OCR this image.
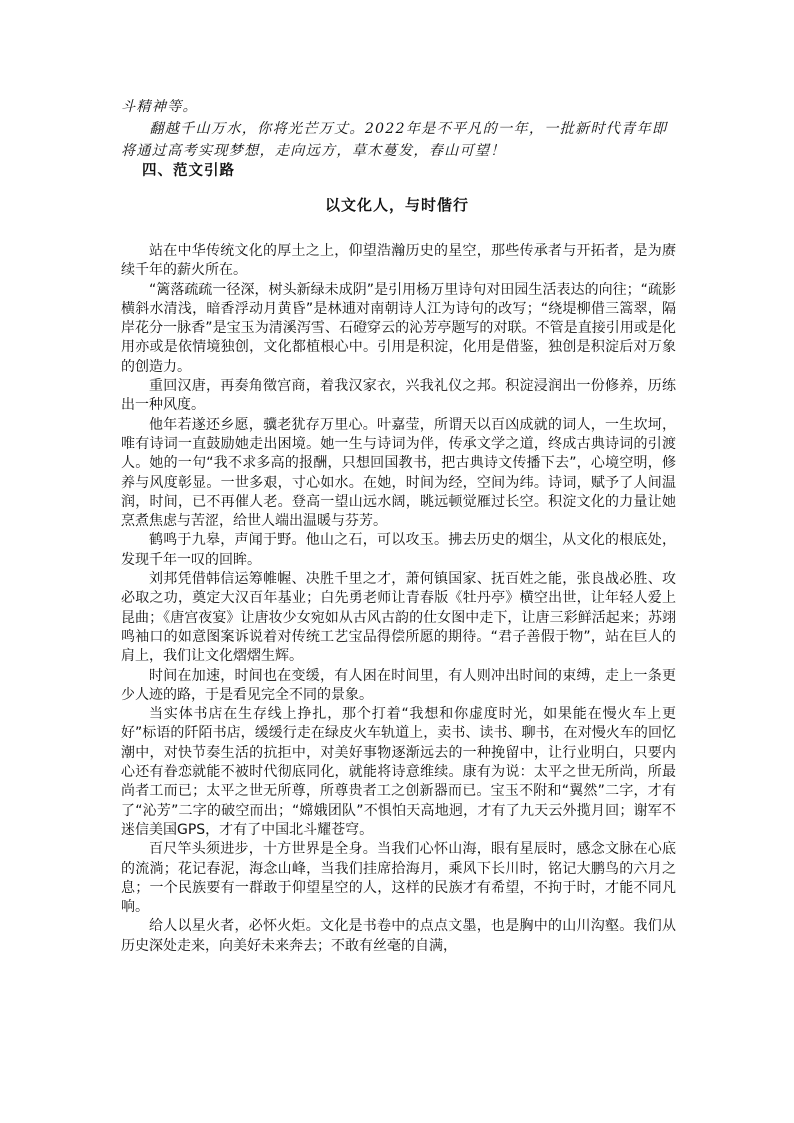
斗精神等。

翻越千山万水，你将光芒万丈。2022年是不平凡的一年，一批新时代青年即将通过高考实现梦想，走向远方，草木蔓发，春山可望！

四、范文引路
以文化人，与时偕行

站在中华传统文化的厚土之上，仰望浩瀚历史的星空，那些传承者与开拓者，是为赓续千年的薪火所在。

“篱落疏疏一径深，树头新绿未成阴”是引用杨万里诗句对田园生活表达的向往；“疏影横斜水清浅，暗香浮动月黄昏”是林逋对南朝诗人江为诗句的改写；“绕堤柳借三篙翠，隔岸花分一脉香”是宝玉为清溪泻雪、石磴穿云的沁芳亭题写的对联。不管是直接引用或是化用亦或是依情境独创，文化都植根心中。引用是积淀，化用是借鉴，独创是积淀后对万象的创造力。

重回汉唐，再奏角徵宫商，着我汉家衣，兴我礼仪之邦。积淀浸润出一份修养，历练出一种风度。

他年若遂还乡愿，骥老犹存万里心。叶嘉莹，所谓天以百凶成就的词人，一生坎坷，唯有诗词一直鼓励她走出困境。她一生与诗词为伴，传承文学之道，终成古典诗词的引渡人。她的一句“我不求多高的报酬，只想回国教书，把古典诗文传播下去”，心境空明，修养与风度彰显。一世多艰，寸心如水。在她，时间为经，空间为纬。诗词，赋予了人间温润，时间，已不再催人老。登高一望山远水阔，眺远顿觉雁过长空。积淀文化的力量让她烹煮焦虑与苦涩，给世人端出温暖与芬芳。

鹤鸣于九皋，声闻于野。他山之石，可以攻玉。拂去历史的烟尘，从文化的根底处，发现千年一叹的回眸。

刘邦凭借韩信运筹帷幄、决胜千里之才，萧何镇国家、抚百姓之能，张良战必胜、攻必取之功，奠定大汉百年基业；白先勇老师让青春版《牡丹亭》横空出世，让年轻人爱上昆曲；《唐宫夜宴》让唐妆少女宛如从古风古韵的仕女图中走下，让唐三彩鲜活起来；苏翊鸣袖口的如意图案诉说着对传统工艺宝品得偿所愿的期待。“君子善假于物”，站在巨人的肩上，我们让文化熠熠生辉。

时间在加速，时间也在变缓，有人困在时间里，有人则冲出时间的束缚，走上一条更少人迹的路，于是看见完全不同的景象。

当实体书店在生存线上挣扎，那个打着“我想和你虚度时光，如果能在慢火车上更好”标语的阡陌书店，缓缓行走在绿皮火车轨道上，卖书、读书、聊书，在对慢火车的回忆潮中，对快节奏生活的抗拒中，对美好事物逐渐远去的一种挽留中，让行业明白，只要内心还有眷恋就能不被时代彻底同化，就能将诗意维续。康有为说：太平之世无所尚，所最尚者工而已；太平之世无所尊，所尊贵者工之创新器而已。宝玉不附和“翼然”二字，才有了“沁芳”二字的破空而出；“嫦娥团队”不惧怕天高地迥，才有了九天云外揽月回；谢军不迷信美国GPS，才有了中国北斗耀苍穹。

百尺竿头须进步，十方世界是全身。当我们心怀山海，眼有星辰时，感念文脉在心底的流淌；花记春泥，海念山峰，当我们挂席拾海月，乘风下长川时，铭记大鹏鸟的六月之息；一个民族要有一群敢于仰望星空的人，这样的民族才有希望，不拘于时，才能不同凡响。

给人以星火者，必怀火炬。文化是书卷中的点点文墨，也是胸中的山川沟壑。我们从历史深处走来，向美好未来奔去；不敢有丝毫的自满，
